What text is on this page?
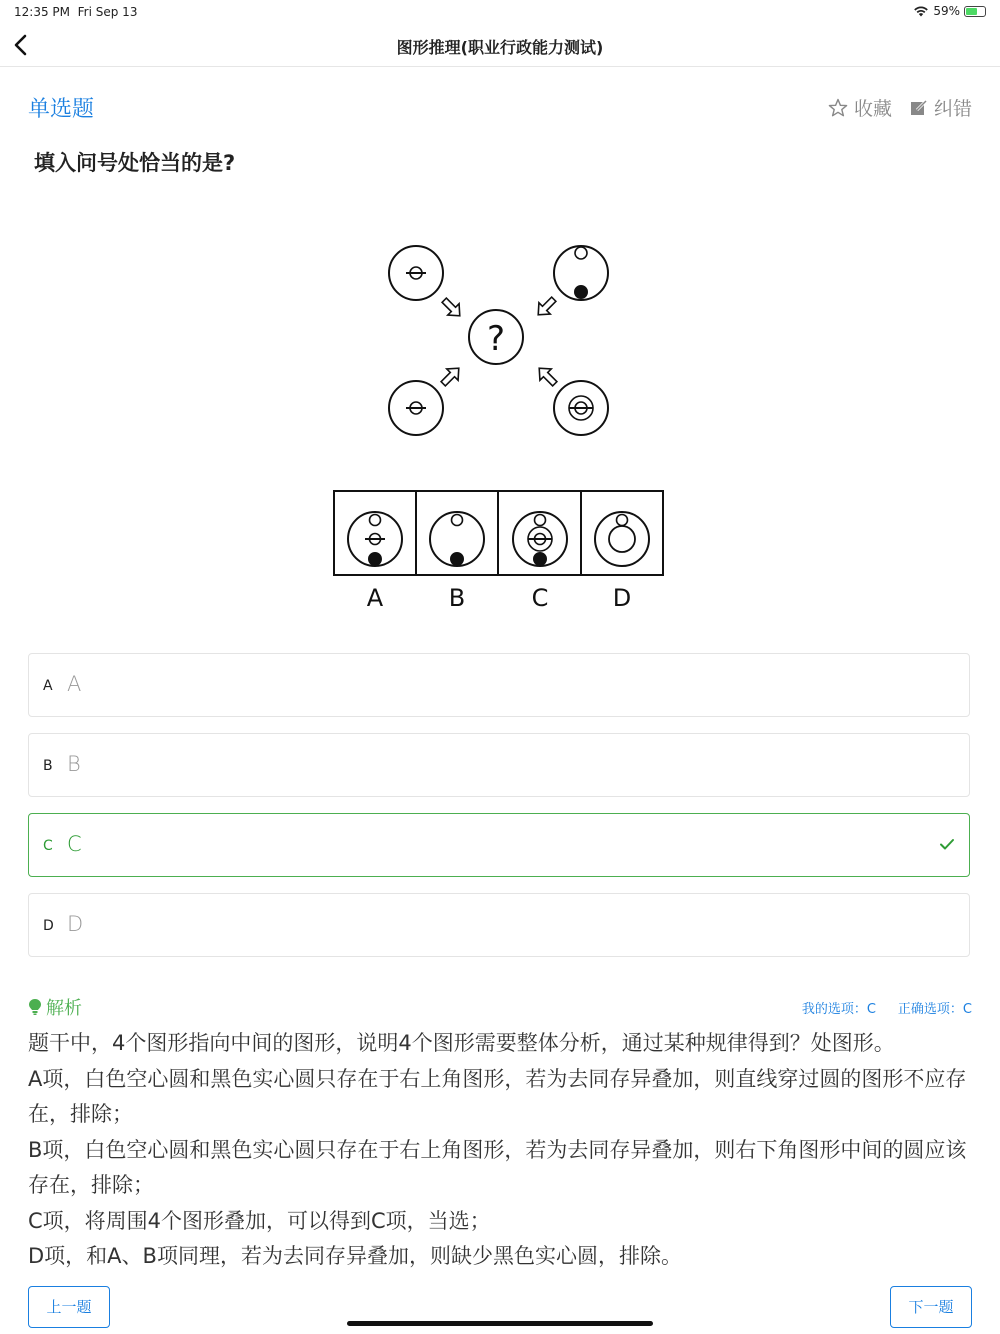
12:35 PM Fri Sep 13	59%
图形推理(职业行政能力测试)
单选题	收藏 纠错
填入问号处恰当的是?
?
A	B	C	D
A A
B B
C C
D D
解析	我的选项：C 正确选项：C

题干中，4个图形指向中间的图形，说明4个图形需要整体分析，通过某种规律得到？处图形。

A项，白色空心圆和黑色实心圆只存在于右上角图形，若为去同存异叠加，则直线穿过圆的图形不应存在，排除；

B项，白色空心圆和黑色实心圆只存在于右上角图形，若为去同存异叠加，则右下角图形中间的圆应该存在，排除；

C项，将周围4个图形叠加，可以得到C项，当选；

D项，和A、B项同理，若为去同存异叠加，则缺少黑色实心圆，排除。

上一题	下一题
